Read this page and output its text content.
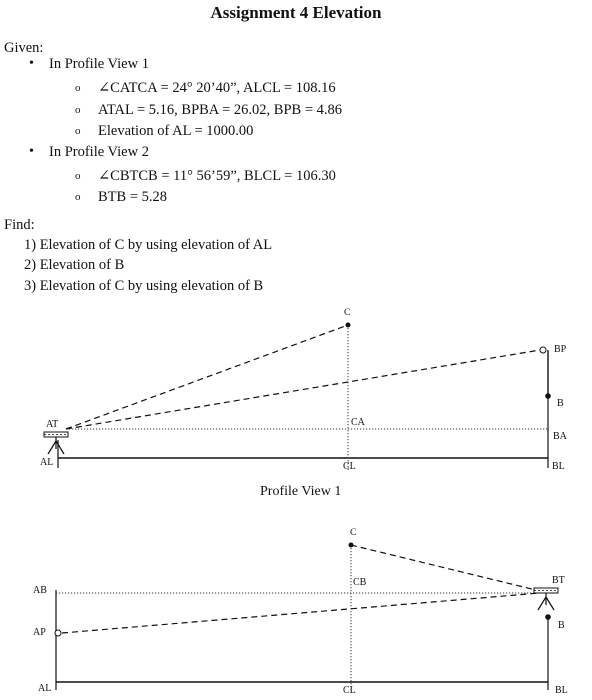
Assignment 4 Elevation
Given:
• In Profile View 1
o ∠CATCA = 24° 20’40”, ALCL = 108.16
o ATAL = 5.16, BPBA = 26.02, BPB = 4.86
o Elevation of AL = 1000.00
• In Profile View 2
o ∠CBTCB = 11° 56’59”, BLCL = 106.30
o BTB = 5.28
Find:
1) Elevation of C by using elevation of AL
2) Elevation of B
3) Elevation of C by using elevation of B
C
BP
B
AT	CA
BA
AL	CL	BL
Profile View 1
C
CB	BT
AB
B
AP
AL	CL	BL
